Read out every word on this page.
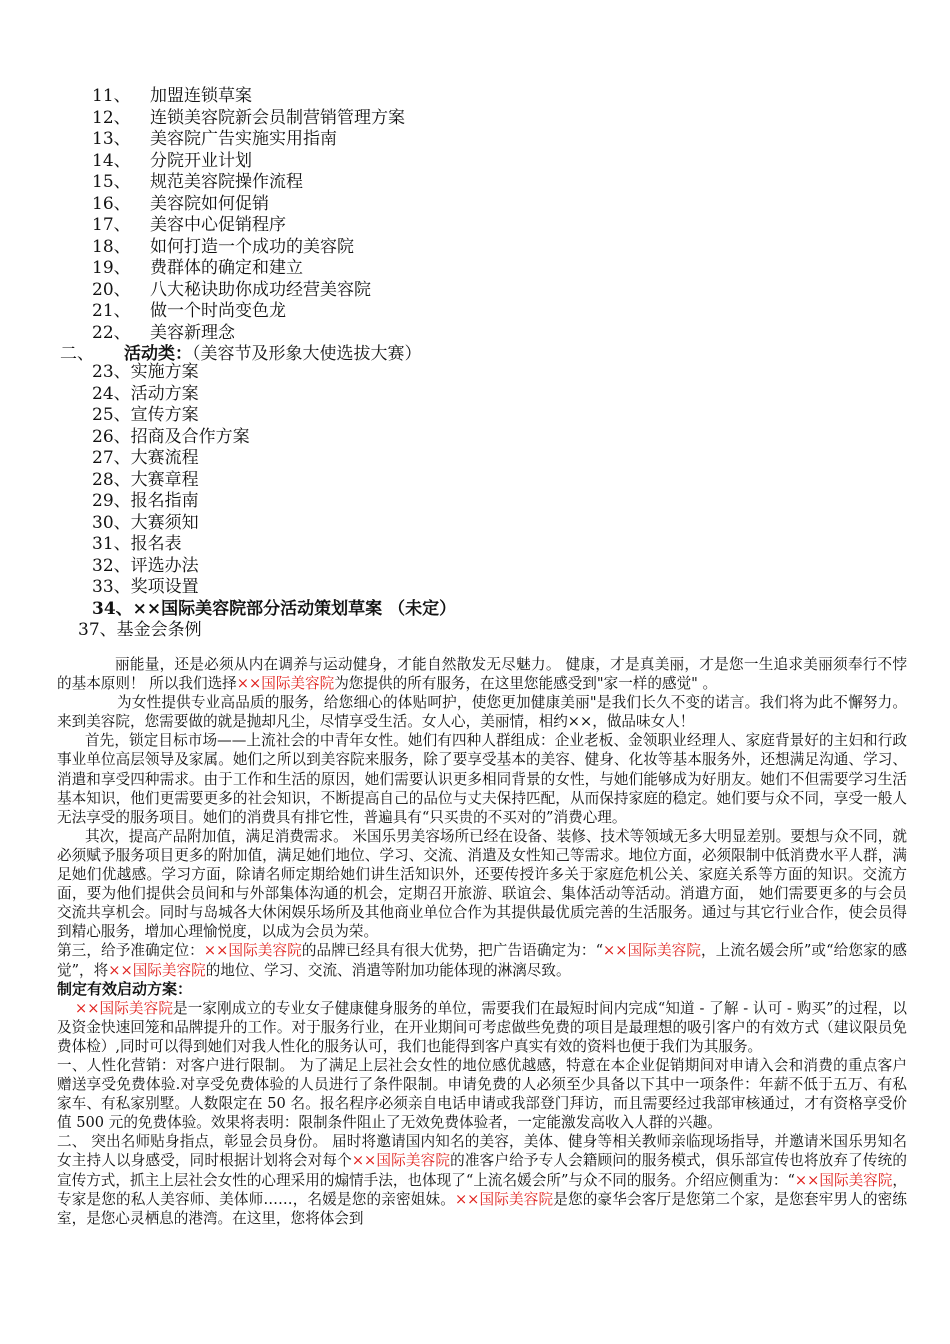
11、 加盟连锁草案
12、 连锁美容院新会员制营销管理方案
13、 美容院广告实施实用指南
14、 分院开业计划
15、 规范美容院操作流程
16、 美容院如何促销
17、 美容中心促销程序
18、 如何打造一个成功的美容院
19、 费群体的确定和建立
20、 八大秘诀助你成功经营美容院
21、 做一个时尚变色龙
22、 美容新理念
二、 活动类：（美容节及形象大使选拔大赛）
23、实施方案
24、活动方案
25、宣传方案
26、招商及合作方案
27、大赛流程
28、大赛章程
29、报名指南
30、大赛须知
31、报名表
32、评选办法
33、奖项设置
34、××国际美容院部分活动策划草案 （未定）
37、基金会条例

丽能量，还是必须从内在调养与运动健身，才能自然散发无尽魅力。 健康，才是真美丽，才是您一生追求美丽须奉行不悖的基本原则！ 所以我们选择××国际美容院为您提供的所有服务，在这里您能感受到"家一样的感觉" 。

为女性提供专业高品质的服务，给您细心的体贴呵护，使您更加健康美丽"是我们长久不变的诺言。我们将为此不懈努力。来到美容院，您需要做的就是抛却凡尘，尽情享受生活。女人心，美丽情，相约××，做品味女人！

首先，锁定目标市场——上流社会的中青年女性。她们有四种人群组成：企业老板、金领职业经理人、家庭背景好的主妇和行政事业单位高层领导及家属。她们之所以到美容院来服务，除了要享受基本的美容、健身、化妆等基本服务外，还想满足沟通、学习、消遣和享受四种需求。由于工作和生活的原因，她们需要认识更多相同背景的女性，与她们能够成为好朋友。她们不但需要学习生活基本知识，他们更需要更多的社会知识，不断提高自己的品位与丈夫保持匹配，从而保持家庭的稳定。她们要与众不同，享受一般人无法享受的服务项目。她们的消费具有排它性，普遍具有“只买贵的不买对的”消费心理。

其次，提高产品附加值，满足消费需求。 米国乐男美容场所已经在设备、装修、技术等领域无多大明显差别。要想与众不同，就必须赋予服务项目更多的附加值，满足她们地位、学习、交流、消遣及女性知己等需求。地位方面，必须限制中低消费水平人群，满足她们优越感。学习方面，除请名师定期给她们讲生活知识外，还要传授许多关于家庭危机公关、家庭关系等方面的知识。交流方面，要为他们提供会员间和与外部集体沟通的机会，定期召开旅游、联谊会、集体活动等活动。消遣方面， 她们需要更多的与会员交流共享机会。同时与岛城各大休闲娱乐场所及其他商业单位合作为其提供最优质完善的生活服务。通过与其它行业合作，使会员得到精心服务，增加心理愉悦度，以成为会员为荣。

第三，给予准确定位：××国际美容院的品牌已经具有很大优势，把广告语确定为：“××国际美容院，上流名媛会所”或“给您家的感觉”，将××国际美容院的地位、学习、交流、消遣等附加功能体现的淋漓尽致。

制定有效启动方案：

××国际美容院是一家刚成立的专业女子健康健身服务的单位，需要我们在最短时间内完成“知道 - 了解 - 认可 - 购买”的过程，以及资金快速回笼和品牌提升的工作。对于服务行业，在开业期间可考虑做些免费的项目是最理想的吸引客户的有效方式（建议限员免费体检）,同时可以得到她们对我人性化的服务认可，我们也能得到客户真实有效的资料也便于我们为其服务。

一、人性化营销：对客户进行限制。 为了满足上层社会女性的地位感优越感，特意在本企业促销期间对申请入会和消费的重点客户赠送享受免费体验.对享受免费体验的人员进行了条件限制。申请免费的人必须至少具备以下其中一项条件：年薪不低于五万、有私家车、有私家别墅。人数限定在 50 名。报名程序必须亲自电话申请或我部登门拜访，而且需要经过我部审核通过，才有资格享受价值 500 元的免费体验。效果将表明：限制条件阻止了无效免费体验者，一定能激发高收入人群的兴趣。

二、 突出名师贴身指点，彰显会员身份。 届时将邀请国内知名的美容，美体、健身等相关教师亲临现场指导，并邀请米国乐男知名女主持人以身感受，同时根据计划将会对每个××国际美容院的准客户给予专人会籍顾问的服务模式，俱乐部宣传也将放弃了传统的宣传方式，抓主上层社会女性的心理采用的煽情手法，也体现了“上流名媛会所”与众不同的服务。介绍应侧重为：“××国际美容院，专家是您的私人美容师、美体师……，名媛是您的亲密姐妹。××国际美容院是您的豪华会客厅是您第二个家，是您套牢男人的密练室，是您心灵栖息的港湾。在这里，您将体会到
